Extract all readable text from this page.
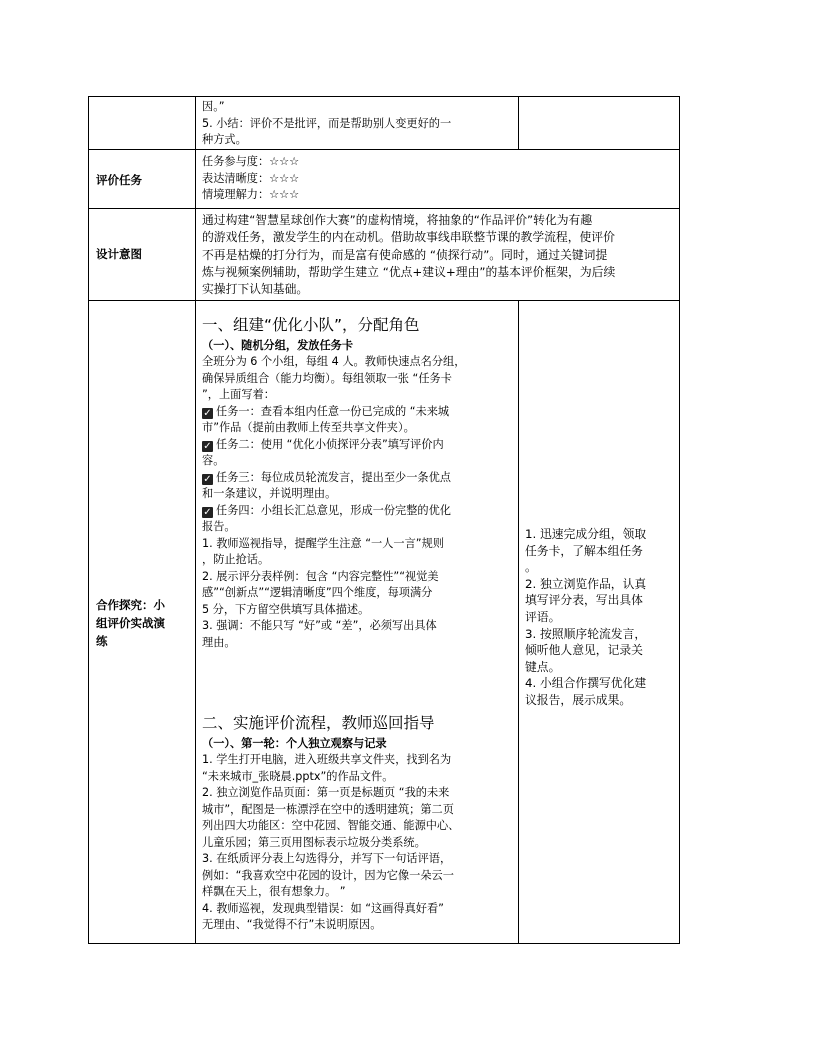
因。”

5. 小结：评价不是批评，而是帮助别人变更好的一

种方式。

评价任务

任务参与度：☆☆☆

表达清晰度：☆☆☆

情境理解力：☆☆☆

设计意图

通过构建“智慧星球创作大赛”的虚构情境，将抽象的“作品评价”转化为有趣

的游戏任务，激发学生的内在动机。借助故事线串联整节课的教学流程，使评价

不再是枯燥的打分行为，而是富有使命感的 “侦探行动”。同时，通过关键词提

炼与视频案例辅助，帮助学生建立 “优点+建议+理由”的基本评价框架，为后续

实操打下认知基础。

合作探究：小

组评价实战演

练

一、组建“优化小队”，分配角色

（一）、随机分组，发放任务卡

全班分为 6 个小组，每组 4 人。教师快速点名分组，

确保异质组合（能力均衡）。每组领取一张 “任务卡

”，上面写着：

✓ 任务一：查看本组内任意一份已完成的 “未来城

市”作品（提前由教师上传至共享文件夹）。

✓ 任务二：使用 “优化小侦探评分表”填写评价内

容。

✓ 任务三：每位成员轮流发言，提出至少一条优点

和一条建议，并说明理由。

✓ 任务四：小组长汇总意见，形成一份完整的优化

报告。

1. 教师巡视指导，提醒学生注意 “一人一言”规则

，防止抢话。

2. 展示评分表样例：包含 “内容完整性”“视觉美

感”“创新点”“逻辑清晰度”四个维度，每项满分

5 分，下方留空供填写具体描述。

3. 强调：不能只写 “好”或 “差”，必须写出具体

理由。

二、实施评价流程，教师巡回指导

（一）、第一轮：个人独立观察与记录

1. 学生打开电脑，进入班级共享文件夹，找到名为

“未来城市_张晓晨.pptx”的作品文件。

2. 独立浏览作品页面：第一页是标题页 “我的未来

城市”，配图是一栋漂浮在空中的透明建筑；第二页

列出四大功能区：空中花园、智能交通、能源中心、

儿童乐园；第三页用图标表示垃圾分类系统。

3. 在纸质评分表上勾选得分，并写下一句话评语，

例如：“我喜欢空中花园的设计，因为它像一朵云一

样飘在天上，很有想象力。 ”

4. 教师巡视，发现典型错误：如 “这画得真好看”

无理由、“我觉得不行”未说明原因。

1. 迅速完成分组，领取

任务卡，了解本组任务

。

2. 独立浏览作品，认真

填写评分表，写出具体

评语。

3. 按照顺序轮流发言，

倾听他人意见，记录关

键点。

4. 小组合作撰写优化建

议报告，展示成果。
